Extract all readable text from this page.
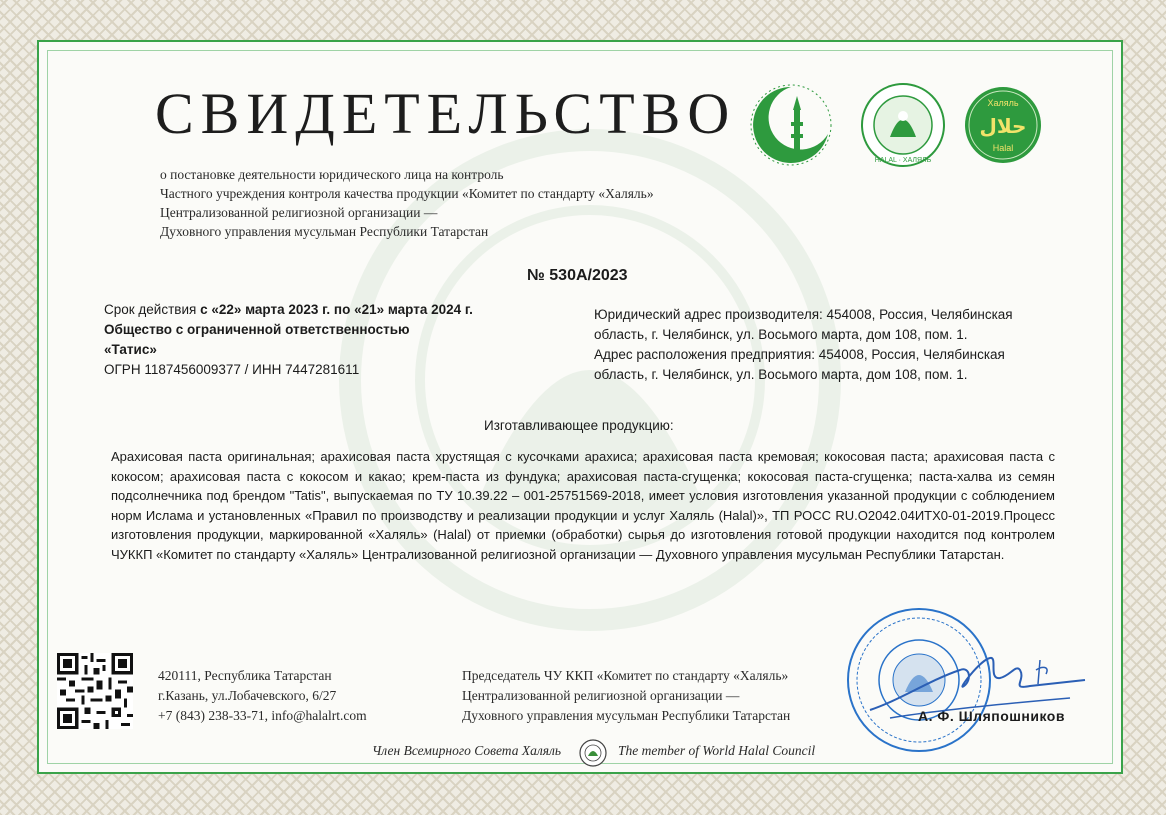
СВИДЕТЕЛЬСТВО
о постановке деятельности юридического лица на контроль
Частного учреждения контроля качества продукции «Комитет по стандарту «Халяль»
Централизованной религиозной организации —
Духовного управления мусульман Республики Татарстан
HALAL · ХАЛЯЛЬ
Халяль
حلال
Halal
№ 530А/2023
Срок действия с «22» марта 2023 г. по «21» марта 2024 г.
Общество с ограниченной ответственностью
«Татис»
ОГРН 1187456009377 / ИНН 7447281611
Юридический адрес производителя: 454008, Россия, Челябинская
область, г. Челябинск, ул. Восьмого марта, дом 108, пом. 1.
Адрес расположения предприятия: 454008, Россия, Челябинская
область, г. Челябинск, ул. Восьмого марта, дом 108, пом. 1.
Изготавливающее продукцию:
Арахисовая паста оригинальная; арахисовая паста хрустящая с кусочками арахиса; арахисовая паста кремовая; кокосовая паста; арахисовая паста с кокосом; арахисовая паста с кокосом и какао; крем-паста из фундука; арахисовая паста-сгущенка; кокосовая паста-сгущенка; паста-халва из семян подсолнечника под брендом "Tatis", выпускаемая по ТУ 10.39.22 – 001-25751569-2018, имеет условия изготовления указанной продукции с соблюдением норм Ислама и установленных «Правил по производству и реализации продукции и услуг Халяль (Halal)», ТП РОСС RU.О2042.04ИТХ0-01-2019.Процесс изготовления продукции, маркированной «Халяль» (Halal) от приемки (обработки) сырья до изготовления готовой продукции находится под контролем ЧУККП «Комитет по стандарту «Халяль» Централизованной религиозной организации — Духовного управления мусульман Республики Татарстан.
420111, Республика Татарстан
г.Казань, ул.Лобачевского, 6/27
+7 (843) 238-33-71, info@halalrt.com
Председатель ЧУ ККП «Комитет по стандарту «Халяль»
Централизованной религиозной организации —
Духовного управления мусульман Республики Татарстан	А. Ф. Шляпошников
Член Всемирного Совета Халяль	The member of World Halal Council
